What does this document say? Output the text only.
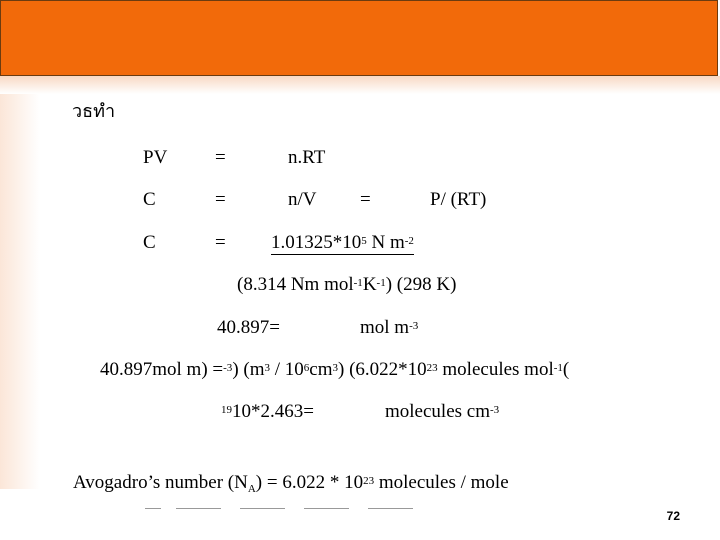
วธทำ
PV	=	n.RT
C	=	n/V =	P/ (RT)
C	= $1.01325*10^5$ N $m^{-2}$
(8.314 Nm $mol^{-1}K^{-1}$) (298 K)
40.897=	mol $m^{-3}$
40.897mol m) =$^{-3}$) $(m^3 / 10^6cm^3)$ ($6.022*10^{23}$ molecules mol$^{-1}$(
$^{19}$10*2.463=	molecules $cm^{-3}$
Avogadro’s number $(N_A) = 6.022 * 10^{23}$ molecules / mole
72
